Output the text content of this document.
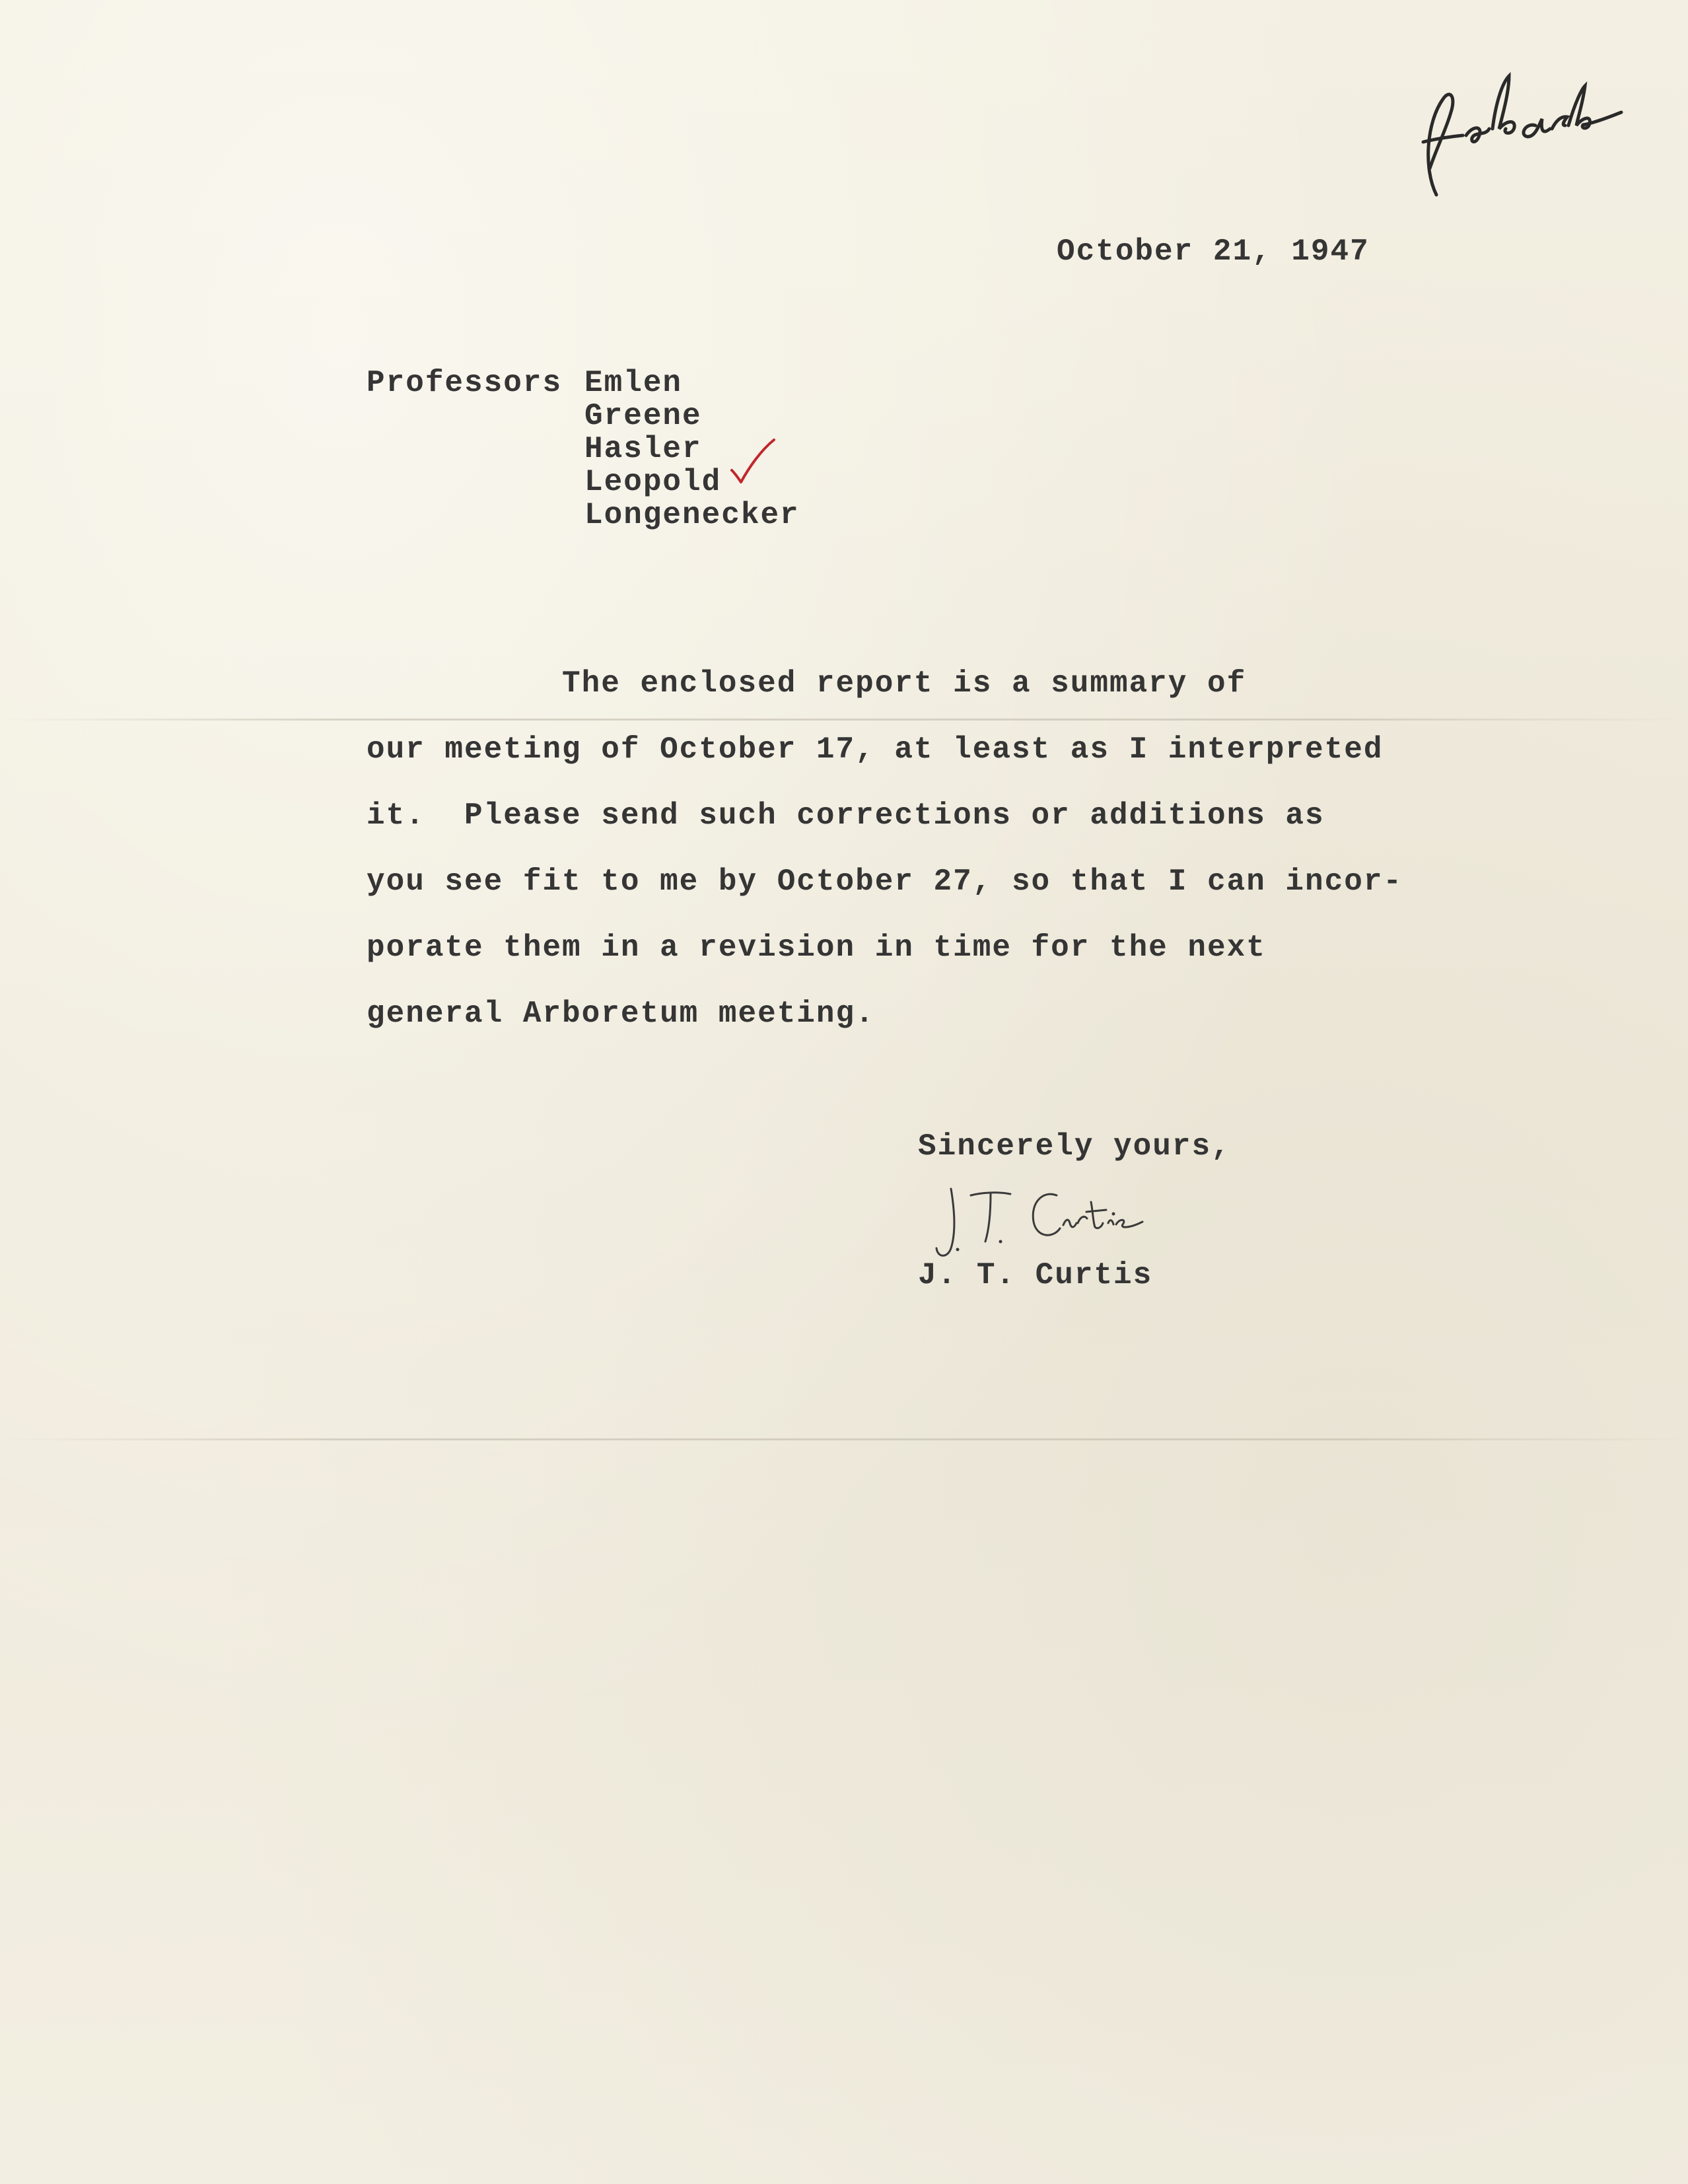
October 21, 1947
Professors Emlen
Greene
Hasler
Leopold
Longenecker
The enclosed report is a summary of
our meeting of October 17, at least as I interpreted
it.  Please send such corrections or additions as
you see fit to me by October 27, so that I can incor-
porate them in a revision in time for the next
general Arboretum meeting.
Sincerely yours,
J. T. Curtis
